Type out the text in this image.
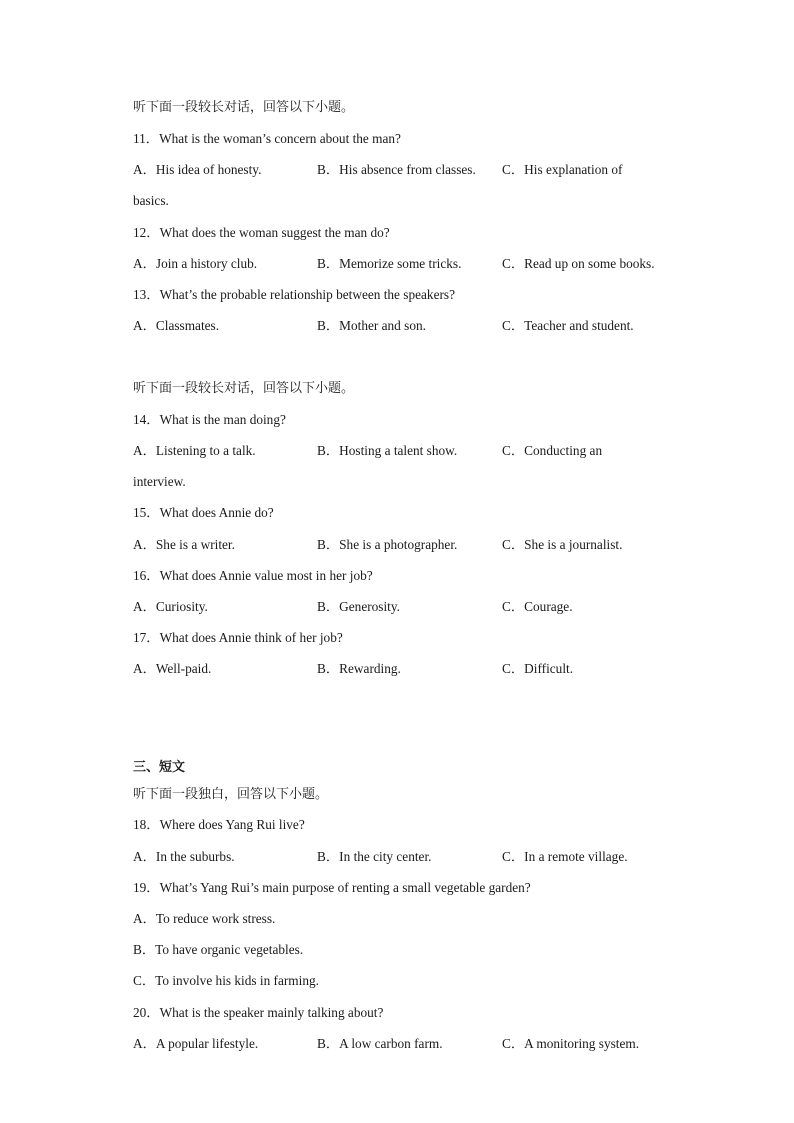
听下面一段较长对话，回答以下小题。
11．What is the woman’s concern about the man?
A．His idea of honesty.	B．His absence from classes. C．His explanation of
basics.
12．What does the woman suggest the man do?
A．Join a history club.	B．Memorize some tricks.	C．Read up on some books.
13．What’s the probable relationship between the speakers?
A．Classmates.	B．Mother and son.	C．Teacher and student.
听下面一段较长对话，回答以下小题。
14．What is the man doing?
A．Listening to a talk.	B．Hosting a talent show.	C．Conducting an
interview.
15．What does Annie do?
A．She is a writer.	B．She is a photographer.	C．She is a journalist.
16．What does Annie value most in her job?
A．Curiosity.	B．Generosity.	C．Courage.
17．What does Annie think of her job?
A．Well-paid.	B．Rewarding.	C．Difficult.
三、短文
听下面一段独白，回答以下小题。
18．Where does Yang Rui live?
A．In the suburbs.	B．In the city center.	C．In a remote village.
19．What’s Yang Rui’s main purpose of renting a small vegetable garden?
A．To reduce work stress.
B．To have organic vegetables.
C．To involve his kids in farming.
20．What is the speaker mainly talking about?
A．A popular lifestyle.	B．A low carbon farm.	C．A monitoring system.
